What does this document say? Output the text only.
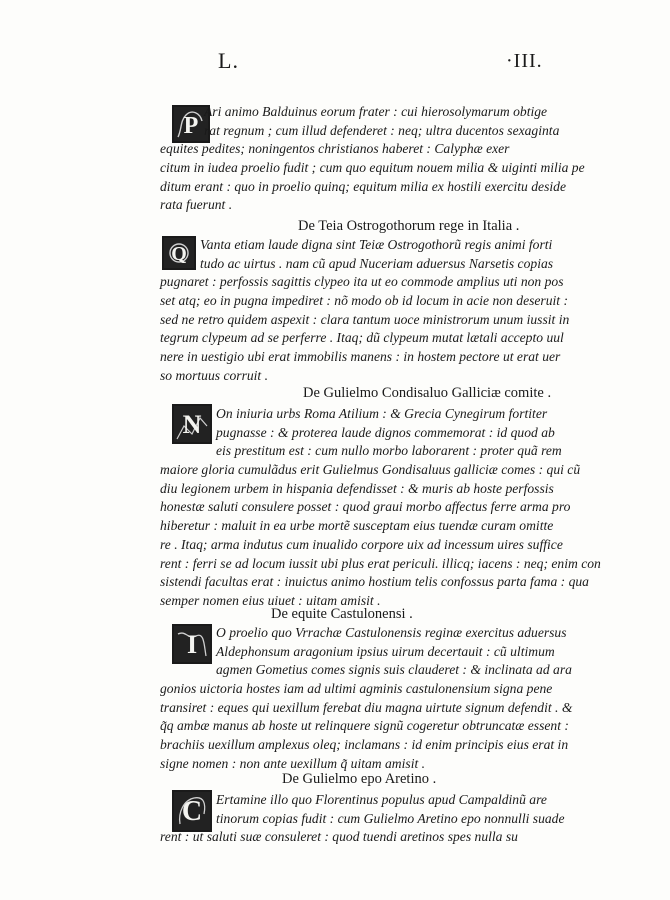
L.	·III.
P
Ari animo Balduinus eorum frater : cui hierosolymarum obtige
rat regnum ; cum illud defenderet : neq; ultra ducentos sexaginta
equites pedites; noningentos christianos haberet : Calyphæ exer
citum in iudea proelio fudit ; cum quo equitum nouem milia & uiginti milia pe
ditum erant : quo in proelio quinq; equitum milia ex hostili exercitu deside
rata fuerunt .
De Teia Ostrogothorum rege in Italia .
Q Vanta etiam laude digna sint Teiæ Ostrogothorũ regis animi forti
tudo ac uirtus . nam cũ apud Nuceriam aduersus Narsetis copias
pugnaret : perfossis sagittis clypeo ita ut eo commode amplius uti non pos
set atq; eo in pugna impediret : nõ modo ob id locum in acie non deseruit :
sed ne retro quidem aspexit : clara tantum uoce ministrorum unum iussit in
tegrum clypeum ad se perferre . Itaq; dũ clypeum mutat lætali accepto uul
nere in uestigio ubi erat immobilis manens : in hostem pectore ut erat uer
so mortuus corruit .
De Gulielmo Condisaluo Galliciæ comite .
N	On iniuria urbs Roma Atilium : & Grecia Cynegirum fortiter
pugnasse : & proterea laude dignos commemorat : id quod ab
eis prestitum est : cum nullo morbo laborarent : proter quã rem
maiore gloria cumulãdus erit Gulielmus Gondisaluus galliciæ comes : qui cũ
diu legionem urbem in hispania defendisset : & muris ab hoste perfossis
honestæ saluti consulere posset : quod graui morbo affectus ferre arma pro
hiberetur : maluit in ea urbe mortẽ susceptam eius tuendæ curam omitte
re . Itaq; arma indutus cum inualido corpore uix ad incessum uires suffice
rent : ferri se ad locum iussit ubi plus erat periculi. illicq; iacens : neq; enim con
sistendi facultas erat : inuictus animo hostium telis confossus parta fama : qua
semper nomen eius uiuet : uitam amisit .
De equite Castulonensi .
I	O proelio quo Vrrachæ Castulonensis reginæ exercitus aduersus
Aldephonsum aragonium ipsius uirum decertauit : cũ ultimum
agmen Gometius comes signis suis clauderet : & inclinata ad ara
gonios uictoria hostes iam ad ultimi agminis castulonensium signa pene
transiret : eques qui uexillum ferebat diu magna uirtute signum defendit . &
q̃q ambæ manus ab hoste ut relinquere signũ cogeretur obtruncatæ essent :
brachiis uexillum amplexus oleq; inclamans : id enim principis eius erat in
signe nomen : non ante uexillum q̃ uitam amisit .
De Gulielmo epo Aretino .
C	Ertamine illo quo Florentinus populus apud Campaldinũ are
tinorum copias fudit : cum Gulielmo Aretino epo nonnulli suade
rent : ut saluti suæ consuleret : quod tuendi aretinos spes nulla su
